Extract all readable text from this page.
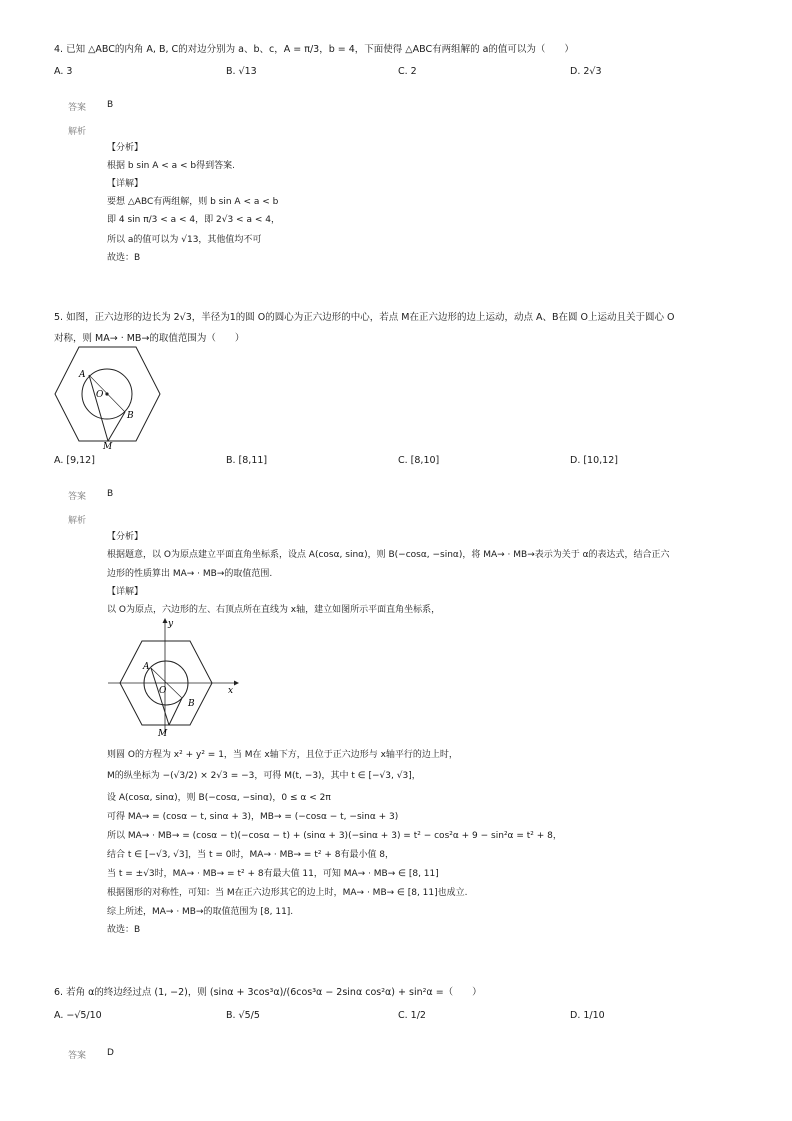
4. 已知 △ABC的内角 A, B, C的对边分别为 a、b、c，A = π/3，b = 4，下面使得 △ABC有两组解的 a的值可以为（　　）
A. 3	B. √13	C. 2	D. 2√3
答案 B
解析
【分析】
根据 b sin A < a < b得到答案.
【详解】
要想 △ABC有两组解，则 b sin A < a < b
即 4 sin π/3 < a < 4，即 2√3 < a < 4，
所以 a的值可以为 √13，其他值均不可
故选：B
5. 如图，正六边形的边长为 2√3，半径为1的圆 O的圆心为正六边形的中心，若点 M在正六边形的边上运动，动点 A、B在圆 O上运动且关于圆心 O
对称，则 MA→ · MB→的取值范围为（　　）
A
O
B
M
A. [9,12]	B. [8,11]	C. [8,10]	D. [10,12]
答案 B
解析
【分析】
根据题意，以 O为原点建立平面直角坐标系，设点 A(cosα, sinα)，则 B(−cosα, −sinα)，将 MA→ · MB→表示为关于 α的表达式，结合正六
边形的性质算出 MA→ · MB→的取值范围.
【详解】
以 O为原点，六边形的左、右顶点所在直线为 x轴，建立如图所示平面直角坐标系，
y
x
A
O
B
M
则圆 O的方程为 x² + y² = 1，当 M在 x轴下方，且位于正六边形与 x轴平行的边上时，
M的纵坐标为 −(√3/2) × 2√3 = −3，可得 M(t, −3)，其中 t ∈ [−√3, √3]，
设 A(cosα, sinα)，则 B(−cosα, −sinα)，0 ≤ α < 2π
可得 MA→ = (cosα − t, sinα + 3)，MB→ = (−cosα − t, −sinα + 3)
所以 MA→ · MB→ = (cosα − t)(−cosα − t) + (sinα + 3)(−sinα + 3) = t² − cos²α + 9 − sin²α = t² + 8，
结合 t ∈ [−√3, √3]，当 t = 0时，MA→ · MB→ = t² + 8有最小值 8，
当 t = ±√3时，MA→ · MB→ = t² + 8有最大值 11，可知 MA→ · MB→ ∈ [8, 11]
根据图形的对称性，可知：当 M在正六边形其它的边上时，MA→ · MB→ ∈ [8, 11]也成立.
综上所述，MA→ · MB→的取值范围为 [8, 11].
故选：B
6. 若角 α的终边经过点 (1, −2)，则 (sinα + 3cos³α)/(6cos³α − 2sinα cos²α) + sin²α =（　　）
A. −√5/10	B. √5/5	C. 1/2	D. 1/10
答案 D
